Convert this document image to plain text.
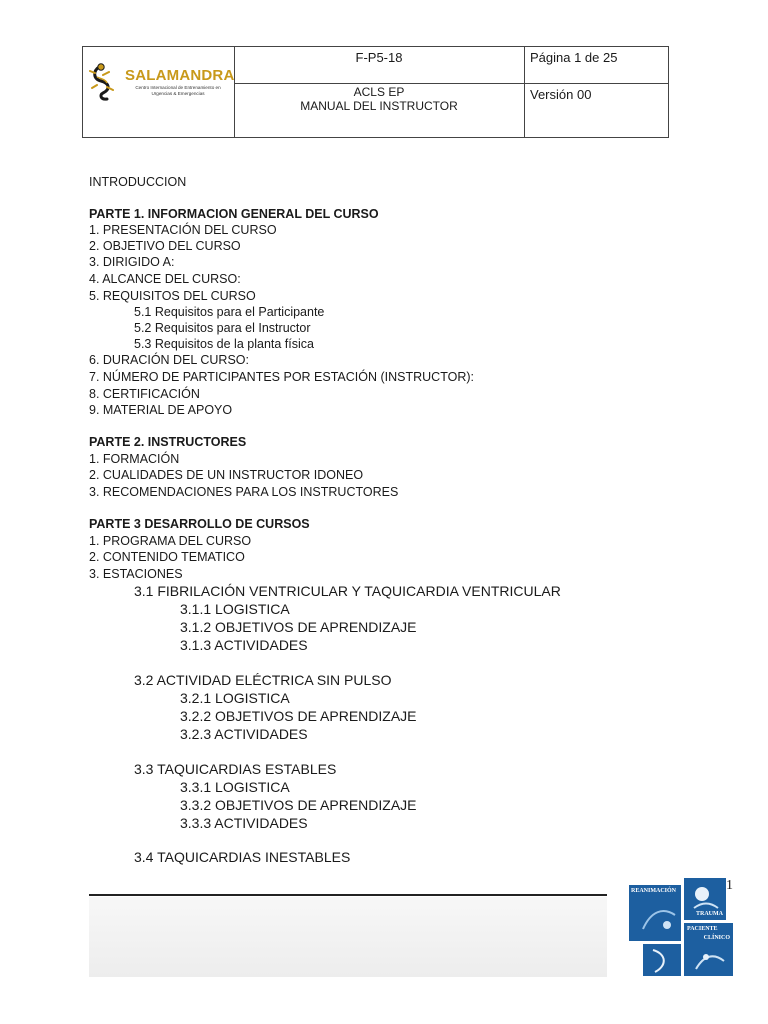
SALAMANDRA
Centro Internacional de Entrenamiento en Urgencias & Emergencias
F-P5-18
ACLS EP
MANUAL DEL INSTRUCTOR
Página 1 de 25
Versión 00
INTRODUCCION
PARTE 1. INFORMACION GENERAL DEL CURSO
1. PRESENTACIÓN DEL CURSO
2. OBJETIVO DEL CURSO
3. DIRIGIDO A:
4. ALCANCE DEL CURSO:
5. REQUISITOS DEL CURSO
5.1 Requisitos para el Participante
5.2 Requisitos para el Instructor
5.3 Requisitos de la planta física
6. DURACIÓN DEL CURSO:
7. NÚMERO DE PARTICIPANTES POR ESTACIÓN (INSTRUCTOR):
8. CERTIFICACIÓN
9. MATERIAL DE APOYO
PARTE 2. INSTRUCTORES
1. FORMACIÓN
2. CUALIDADES DE UN INSTRUCTOR IDONEO
3. RECOMENDACIONES PARA LOS INSTRUCTORES
PARTE 3 DESARROLLO DE CURSOS
1. PROGRAMA DEL CURSO
2. CONTENIDO TEMATICO
3. ESTACIONES
3.1 FIBRILACIÓN VENTRICULAR Y TAQUICARDIA VENTRICULAR
3.1.1 LOGISTICA
3.1.2 OBJETIVOS DE APRENDIZAJE
3.1.3 ACTIVIDADES
3.2 ACTIVIDAD ELÉCTRICA SIN PULSO
3.2.1 LOGISTICA
3.2.2 OBJETIVOS DE APRENDIZAJE
3.2.3 ACTIVIDADES
3.3 TAQUICARDIAS ESTABLES
3.3.1 LOGISTICA
3.3.2 OBJETIVOS DE APRENDIZAJE
3.3.3 ACTIVIDADES
3.4 TAQUICARDIAS INESTABLES
1
REANIMACIÓN
TRAUMA
PACIENTE
CLÍNICO
